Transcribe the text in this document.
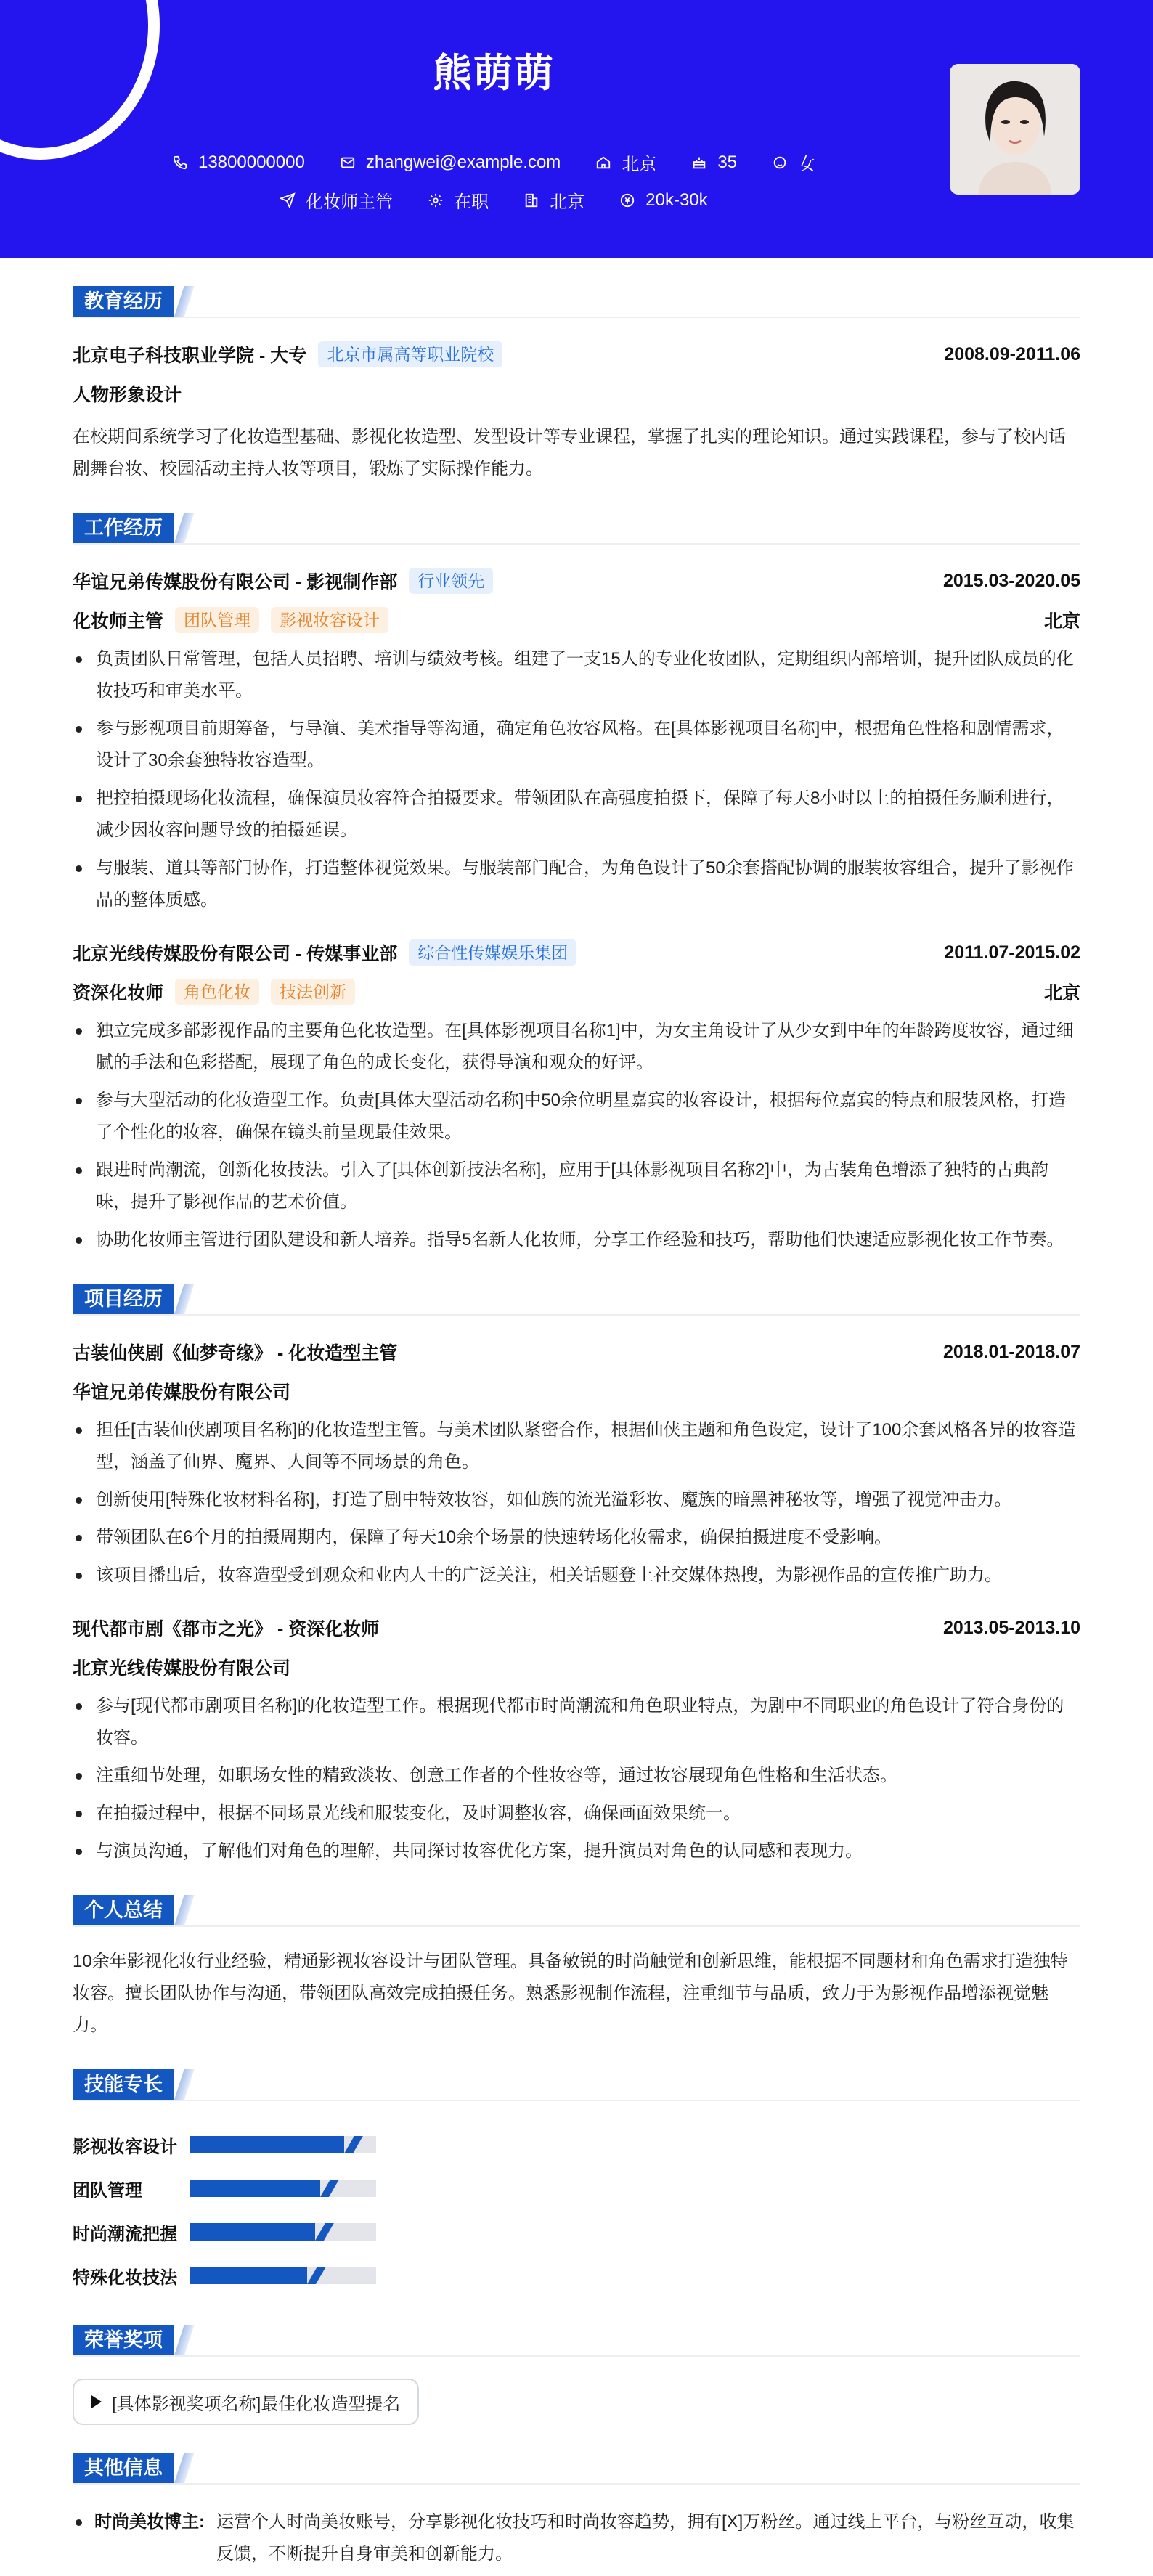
熊萌萌
13800000000	zhangwei@example.com	北京	35	女
化妆师主管	在职	北京	20k-30k
教育经历
北京电子科技职业学院 - 大专	北京市属高等职业院校	2008.09-2011.06
人物形象设计

在校期间系统学习了化妆造型基础、影视化妆造型、发型设计等专业课程，掌握了扎实的理论知识。通过实践课程，参与了校内话剧舞台妆、校园活动主持人妆等项目，锻炼了实际操作能力。

工作经历
华谊兄弟传媒股份有限公司 - 影视制作部	行业领先	2015.03-2020.05
化妆师主管	团队管理	影视妆容设计	北京
负责团队日常管理，包括人员招聘、培训与绩效考核。组建了一支15人的专业化妆团队，定期组织内部培训，提升团队成员的化妆技巧和审美水平。
参与影视项目前期筹备，与导演、美术指导等沟通，确定角色妆容风格。在[具体影视项目名称]中，根据角色性格和剧情需求，设计了30余套独特妆容造型。
把控拍摄现场化妆流程，确保演员妆容符合拍摄要求。带领团队在高强度拍摄下，保障了每天8小时以上的拍摄任务顺利进行，减少因妆容问题导致的拍摄延误。
与服装、道具等部门协作，打造整体视觉效果。与服装部门配合，为角色设计了50余套搭配协调的服装妆容组合，提升了影视作品的整体质感。
北京光线传媒股份有限公司 - 传媒事业部	综合性传媒娱乐集团	2011.07-2015.02
资深化妆师	角色化妆	技法创新	北京
独立完成多部影视作品的主要角色化妆造型。在[具体影视项目名称1]中，为女主角设计了从少女到中年的年龄跨度妆容，通过细腻的手法和色彩搭配，展现了角色的成长变化，获得导演和观众的好评。
参与大型活动的化妆造型工作。负责[具体大型活动名称]中50余位明星嘉宾的妆容设计，根据每位嘉宾的特点和服装风格，打造了个性化的妆容，确保在镜头前呈现最佳效果。
跟进时尚潮流，创新化妆技法。引入了[具体创新技法名称]，应用于[具体影视项目名称2]中，为古装角色增添了独特的古典韵味，提升了影视作品的艺术价值。
协助化妆师主管进行团队建设和新人培养。指导5名新人化妆师，分享工作经验和技巧，帮助他们快速适应影视化妆工作节奏。
项目经历
古装仙侠剧《仙梦奇缘》 - 化妆造型主管	2018.01-2018.07
华谊兄弟传媒股份有限公司
担任[古装仙侠剧项目名称]的化妆造型主管。与美术团队紧密合作，根据仙侠主题和角色设定，设计了100余套风格各异的妆容造型，涵盖了仙界、魔界、人间等不同场景的角色。
创新使用[特殊化妆材料名称]，打造了剧中特效妆容，如仙族的流光溢彩妆、魔族的暗黑神秘妆等，增强了视觉冲击力。
带领团队在6个月的拍摄周期内，保障了每天10余个场景的快速转场化妆需求，确保拍摄进度不受影响。
该项目播出后，妆容造型受到观众和业内人士的广泛关注，相关话题登上社交媒体热搜，为影视作品的宣传推广助力。
现代都市剧《都市之光》 - 资深化妆师	2013.05-2013.10
北京光线传媒股份有限公司
参与[现代都市剧项目名称]的化妆造型工作。根据现代都市时尚潮流和角色职业特点，为剧中不同职业的角色设计了符合身份的妆容。
注重细节处理，如职场女性的精致淡妆、创意工作者的个性妆容等，通过妆容展现角色性格和生活状态。
在拍摄过程中，根据不同场景光线和服装变化，及时调整妆容，确保画面效果统一。
与演员沟通，了解他们对角色的理解，共同探讨妆容优化方案，提升演员对角色的认同感和表现力。
个人总结

10余年影视化妆行业经验，精通影视妆容设计与团队管理。具备敏锐的时尚触觉和创新思维，能根据不同题材和角色需求打造独特妆容。擅长团队协作与沟通，带领团队高效完成拍摄任务。熟悉影视制作流程，注重细节与品质，致力于为影视作品增添视觉魅力。

技能专长
影视妆容设计
团队管理
时尚潮流把握
特殊化妆技法
荣誉奖项
[具体影视奖项名称]最佳化妆造型提名
其他信息
时尚美妆博主: 运营个人时尚美妆账号，分享影视化妆技巧和时尚妆容趋势，拥有[X]万粉丝。通过线上平台，与粉丝互动，收集反馈，不断提升自身审美和创新能力。
